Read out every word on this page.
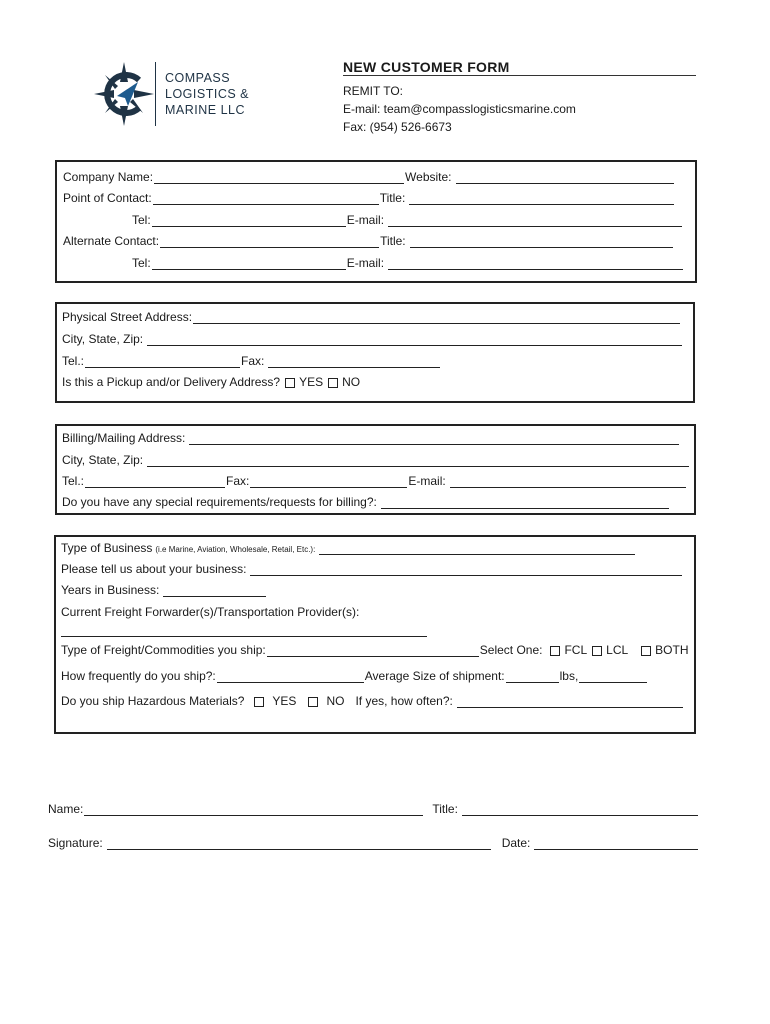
COMPASS
LOGISTICS &
MARINE LLC
NEW CUSTOMER FORM
REMIT TO:
E-mail: team@compasslogisticsmarine.com
Fax: (954) 526-6673
Company Name:	Website:
Point of Contact:	Title:
Tel:	E-mail:
Alternate Contact:	Title:
Tel:	E-mail:
Physical Street Address:
City, State, Zip:
Tel.:	Fax:
Is this a Pickup and/or Delivery Address? YES NO
Billing/Mailing Address:
City, State, Zip:
Tel.:	Fax:	E-mail:
Do you have any special requirements/requests for billing?:
Type of Business (i.e Marine, Aviation, Wholesale, Retail, Etc.):
Please tell us about your business:
Years in Business:
Current Freight Forwarder(s)/Transportation Provider(s):
Type of Freight/Commodities you ship:	Select One: FCL LCL BOTH
How frequently do you ship?:	Average Size of shipment:	lbs,
Do you ship Hazardous Materials? YES	NO If yes, how often?:
Name:	Title:
Signature:	Date:
